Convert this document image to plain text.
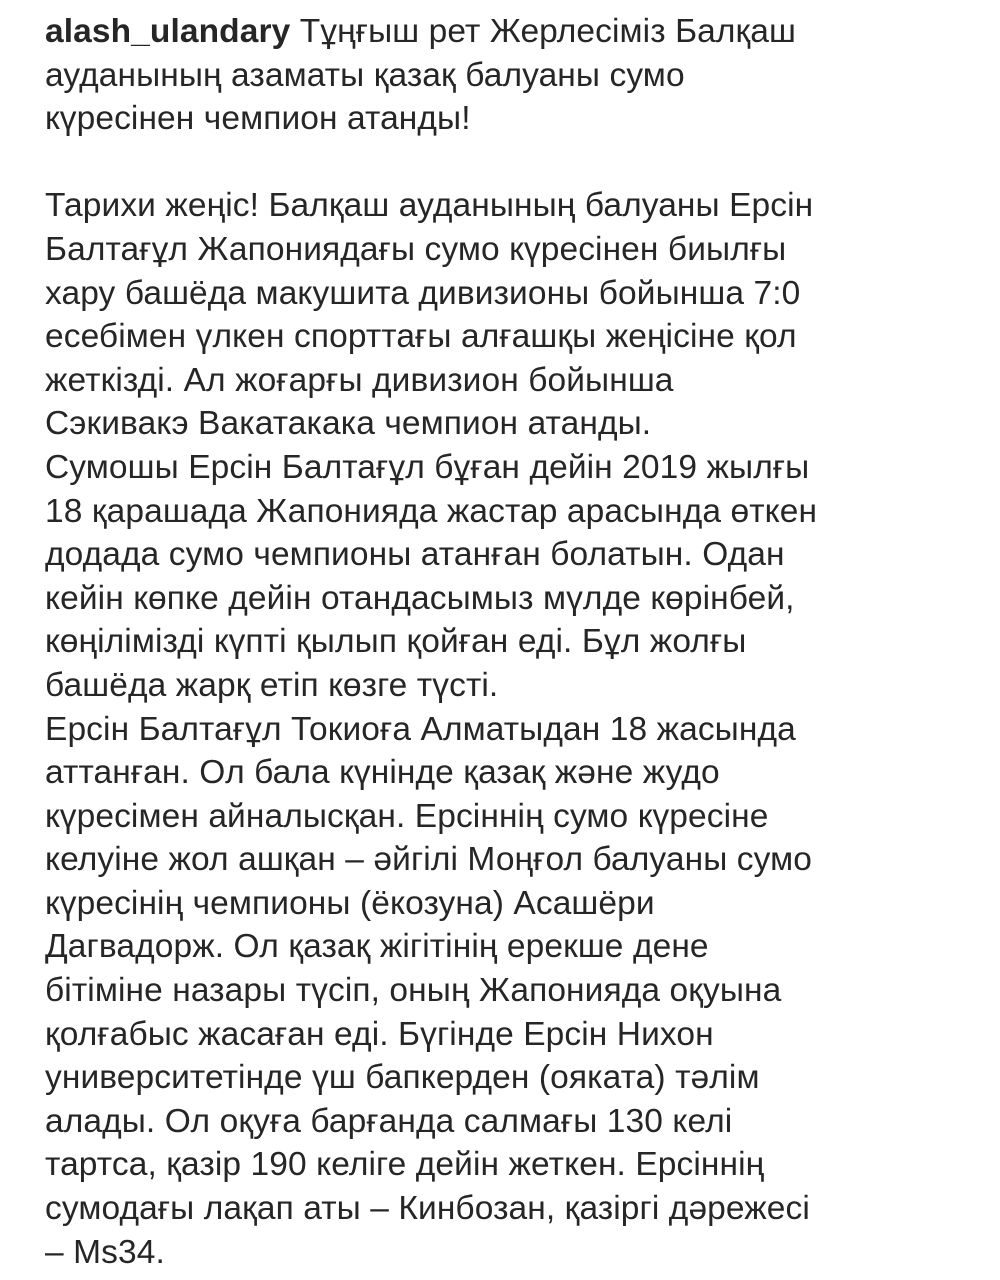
alash_ulandary Тұңғыш рет Жерлесіміз Балқаш
ауданының азаматы қазақ балуаны сумо
күресінен чемпион атанды!
Тарихи жеңіс! Балқаш ауданының балуаны Ерсін
Балтағұл Жапониядағы сумо күресінен биылғы
хару башёда макушита дивизионы бойынша 7:0
есебімен үлкен спорттағы алғашқы жеңісіне қол
жеткізді. Ал жоғарғы дивизион бойынша
Сэкивакэ Вакатакака чемпион атанды.
Сумошы Ерсін Балтағұл бұған дейін 2019 жылғы
18 қарашада Жапонияда жастар арасында өткен
додада сумо чемпионы атанған болатын. Одан
кейін көпке дейін отандасымыз мүлде көрінбей,
көңілімізді күпті қылып қойған еді. Бұл жолғы
башёда жарқ етіп көзге түсті.
Ерсін Балтағұл Токиоға Алматыдан 18 жасында
аттанған. Ол бала күнінде қазақ және жудо
күресімен айналысқан. Ерсіннің сумо күресіне
келуіне жол ашқан – әйгілі Моңғол балуаны сумо
күресінің чемпионы (ёкозуна) Асашёри
Дагвадорж. Ол қазақ жігітінің ерекше дене
бітіміне назары түсіп, оның Жапонияда оқуына
қолғабыс жасаған еді. Бүгінде Ерсін Нихон
университетінде үш бапкерден (ояката) тәлім
алады. Ол оқуға барғанда салмағы 130 келі
тартса, қазір 190 келіге дейін жеткен. Ерсіннің
сумодағы лақап аты – Кинбозан, қазіргі дәрежесі
– Ms34.
